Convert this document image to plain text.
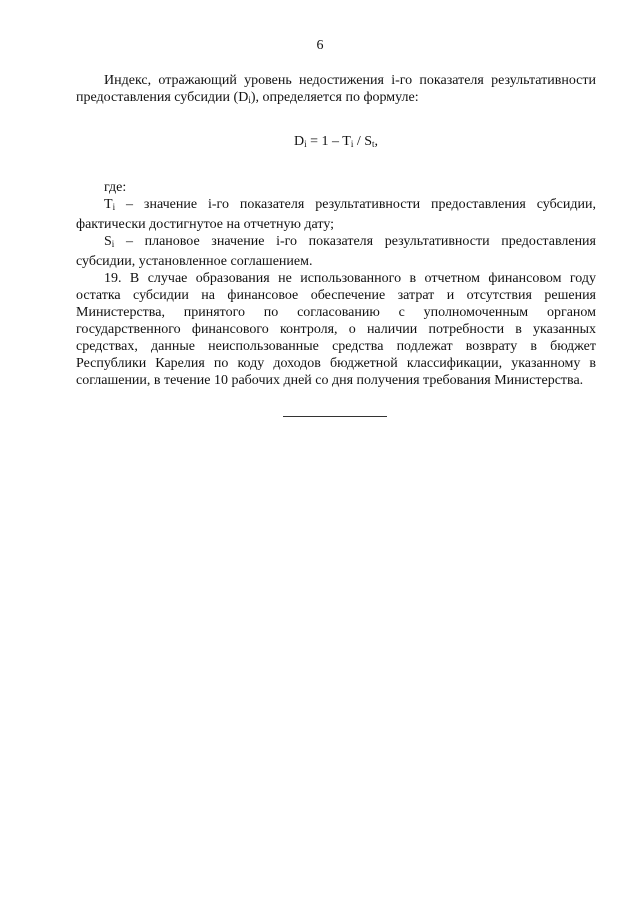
6

Индекс, отражающий уровень недостижения i-го показателя результативности предоставления субсидии $(D_i)$, определяется по формуле:

$D_i = 1 - T_i / S_t$,

где:

$T_i$ – значение i-го показателя результативности предоставления субсидии, фактически достигнутое на отчетную дату;

$S_i$ – плановое значение i-го показателя результативности предоставления субсидии, установленное соглашением.

19. В случае образования не использованного в отчетном финансовом году остатка субсидии на финансовое обеспечение затрат и отсутствия решения Министерства, принятого по согласованию с уполномоченным органом государственного финансового контроля, о наличии потребности в указанных средствах, данные неиспользованные средства подлежат возврату в бюджет Республики Карелия по коду доходов бюджетной классификации, указанному в соглашении, в течение 10 рабочих дней со дня получения требования Министерства.
